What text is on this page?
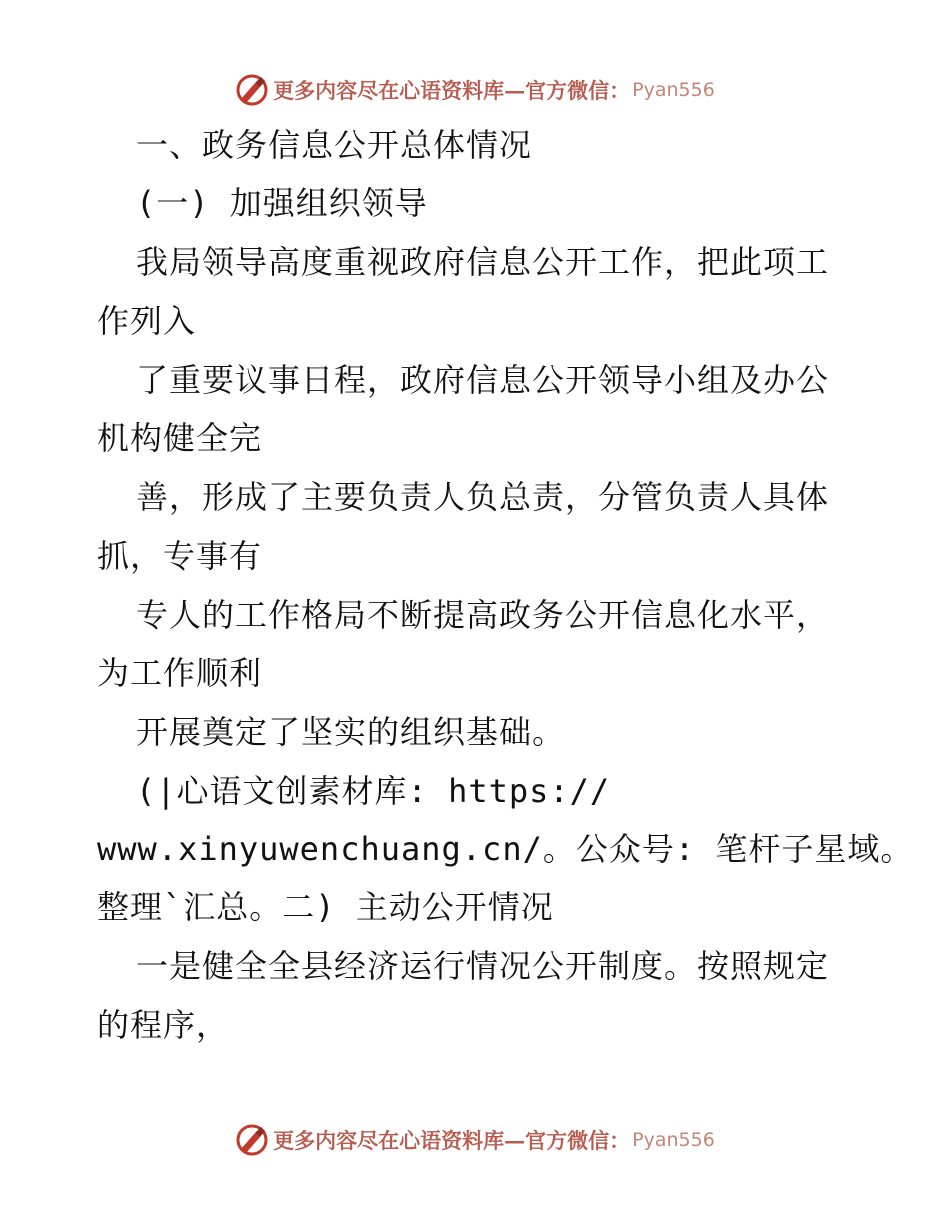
更多内容尽在心语资料库 — 官方微信： Pyan556
一、政务信息公开总体情况
(一) 加强组织领导
我局领导高度重视政府信息公开工作，把此项工
作列入
了重要议事日程，政府信息公开领导小组及办公
机构健全完
善，形成了主要负责人负总责，分管负责人具体
抓，专事有
专人的工作格局不断提高政务公开信息化水平，
为工作顺利
开展奠定了坚实的组织基础。
(|心语文创素材库: https://
www.xinyuwenchuang.cn/。公众号: 笔杆子星域。
整理`汇总。二) 主动公开情况
一是健全全县经济运行情况公开制度。按照规定
的程序，
更多内容尽在心语资料库 — 官方微信： Pyan556
